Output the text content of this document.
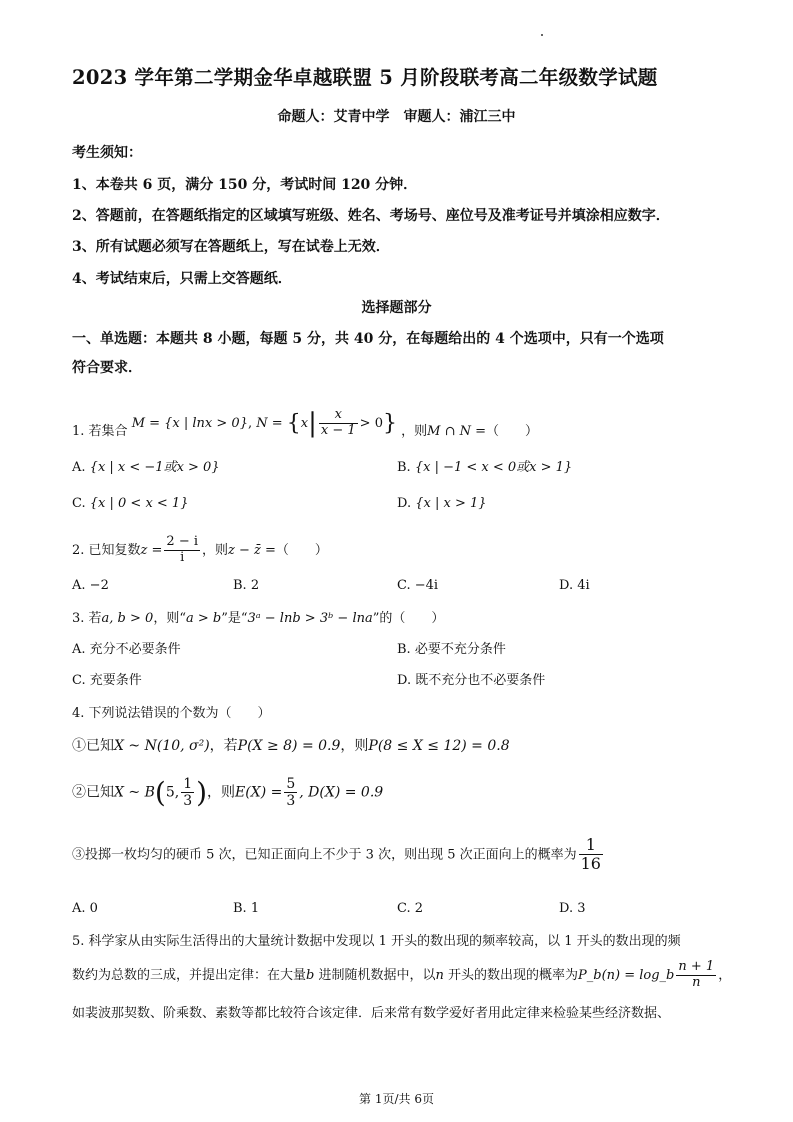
2023 学年第二学期金华卓越联盟 5 月阶段联考高二年级数学试题
命题人：艾青中学 审题人：浦江三中
考生须知：
1、本卷共 6 页，满分 150 分，考试时间 120 分钟．
2、答题前，在答题纸指定的区域填写班级、姓名、考场号、座位号及准考证号并填涂相应数字．
3、所有试题必须写在答题纸上，写在试卷上无效．
4、考试结束后，只需上交答题纸．
选择题部分
一、单选题：本题共 8 小题，每题 5 分，共 40 分，在每题给出的 4 个选项中，只有一个选项
符合要求．
1. 若集合 M = {x | lnx > 0}, $N = \{x| \frac{x}{x - 1} > 0\}$ ，则M ∩ N =（　　）
A. {x | x < −1或x > 0}	B. {x | −1 < x < 0或x > 1}
C. {x | 0 < x < 1}	D. {x | x > 1}
2. 已知复数$z = \frac{2 - i}{i}$ ，则z − z̄ =（　　）
A. −2	B. 2	C. −4i	D. 4i
3. 若a, b > 0，则“a > b”是“3ᵃ − lnb > 3ᵇ − lna”的（　　）
A. 充分不必要条件	B. 必要不充分条件
C. 充要条件	D. 既不充分也不必要条件
4. 下列说法错误的个数为（　　）
①已知X ~ N(10, σ²)，若P(X ≥ 8) = 0.9，则P(8 ≤ X ≤ 12) = 0.8
②已知X ~ B(5, $\frac{1}{3}$ )，则$E(X) = \frac{5}{3}$ , D(X) = 0.9
③投掷一枚均匀的硬币 5 次，已知正面向上不少于 3 次，则出现 5 次正面向上的概率为 $\frac{1}{16}$
A. 0	B. 1	C. 2	D. 3
5. 科学家从由实际生活得出的大量统计数据中发现以 1 开头的数出现的频率较高，以 1 开头的数出现的频
数约为总数的三成，并提出定律：在大量b 进制随机数据中，以n 开头的数出现的概率为P_b(n) = log_b $\frac{n + 1}{n}$ ，
如裴波那契数、阶乘数、素数等都比较符合该定律．后来常有数学爱好者用此定律来检验某些经济数据、
第 1页/共 6页
